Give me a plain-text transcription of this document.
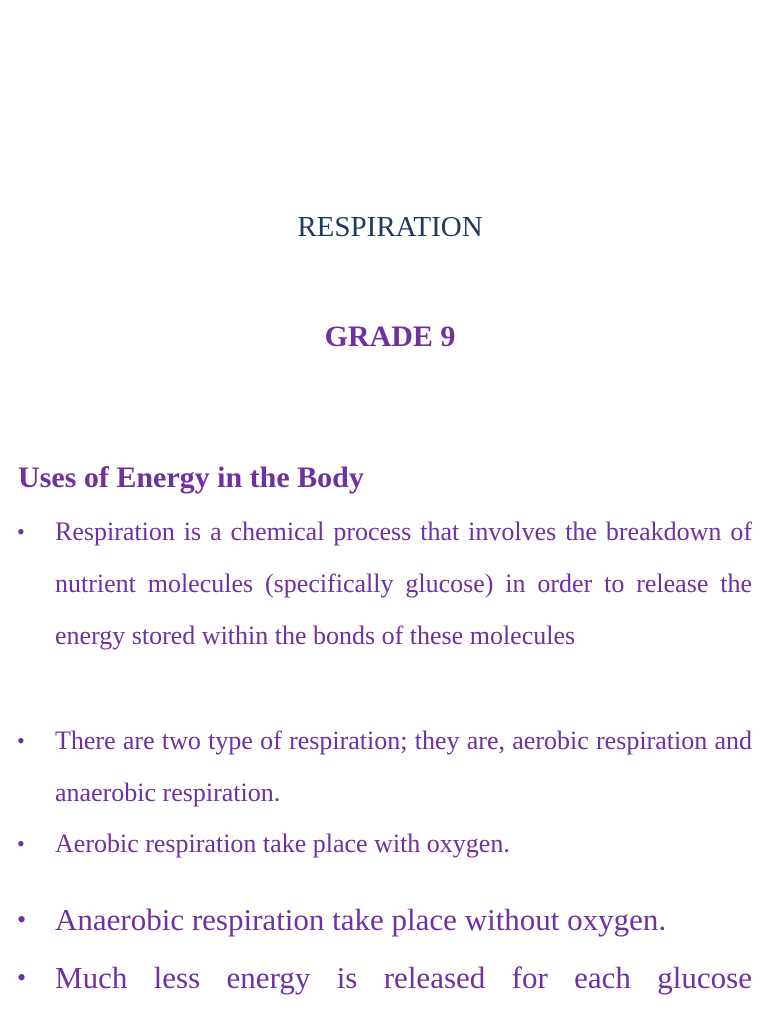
RESPIRATION
GRADE 9
Uses of Energy in the Body
• Respiration is a chemical process that involves the breakdown of nutrient molecules (specifically glucose) in order to release the energy stored within the bonds of these molecules
• There are two type of respiration; they are, aerobic respiration and anaerobic respiration.
• Aerobic respiration take place with oxygen.
• Anaerobic respiration take place without oxygen.
• Much less energy is released for each glucose
